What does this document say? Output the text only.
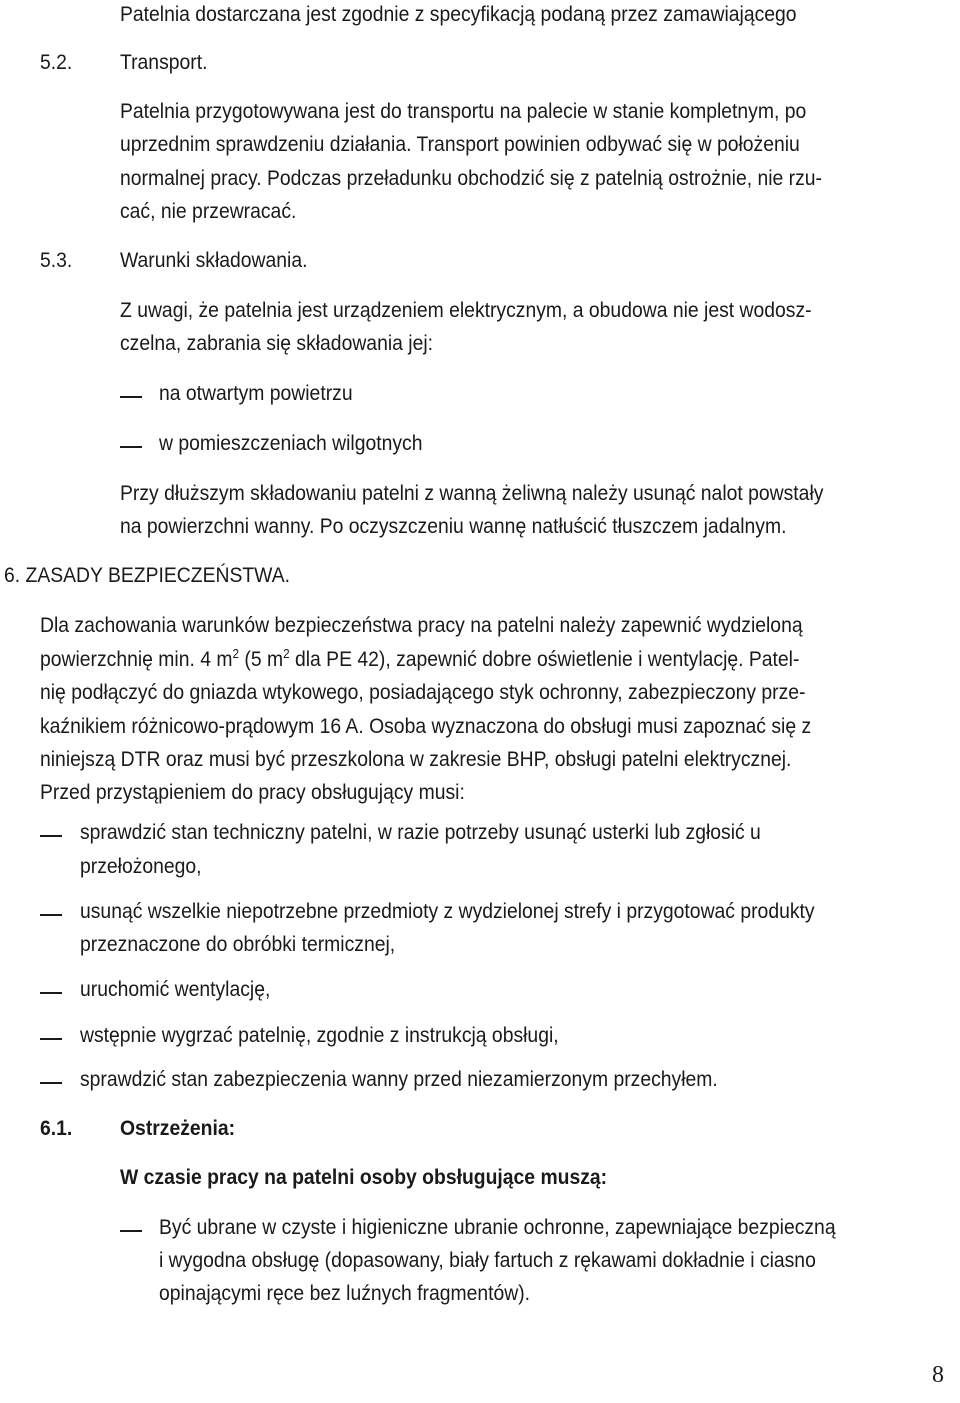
Patelnia dostarczana jest zgodnie z specyfikacją podaną przez zamawiającego
5.2. Transport.
Patelnia przygotowywana jest do transportu na palecie w stanie kompletnym, po
uprzednim sprawdzeniu działania. Transport powinien odbywać się w położeniu
normalnej pracy. Podczas przeładunku obchodzić się z patelnią ostrożnie, nie rzu-
cać, nie przewracać.
5.3. Warunki składowania.
Z uwagi, że patelnia jest urządzeniem elektrycznym, a obudowa nie jest wodosz-
czelna, zabrania się składowania jej:
na otwartym powietrzu
w pomieszczeniach wilgotnych
Przy dłuższym składowaniu patelni z wanną żeliwną należy usunąć nalot powstały
na powierzchni wanny. Po oczyszczeniu wannę natłuścić tłuszczem jadalnym.
6. ZASADY BEZPIECZEŃSTWA.
Dla zachowania warunków bezpieczeństwa pracy na patelni należy zapewnić wydzieloną
powierzchnię min. 4 $m^2$ (5 $m^2$ dla PE 42), zapewnić dobre oświetlenie i wentylację. Patel-
nię podłączyć do gniazda wtykowego, posiadającego styk ochronny, zabezpieczony prze-
kaźnikiem różnicowo-prądowym 16 A. Osoba wyznaczona do obsługi musi zapoznać się z
niniejszą DTR oraz musi być przeszkolona w zakresie BHP, obsługi patelni elektrycznej.
Przed przystąpieniem do pracy obsługujący musi:
sprawdzić stan techniczny patelni, w razie potrzeby usunąć usterki lub zgłosić u
przełożonego,
usunąć wszelkie niepotrzebne przedmioty z wydzielonej strefy i przygotować produkty
przeznaczone do obróbki termicznej,
uruchomić wentylację,
wstępnie wygrzać patelnię, zgodnie z instrukcją obsługi,
sprawdzić stan zabezpieczenia wanny przed niezamierzonym przechyłem.
6.1. Ostrzeżenia:
W czasie pracy na patelni osoby obsługujące muszą:
Być ubrane w czyste i higieniczne ubranie ochronne, zapewniające bezpieczną
i wygodna obsługę (dopasowany, biały fartuch z rękawami dokładnie i ciasno
opinającymi ręce bez luźnych fragmentów).
8
